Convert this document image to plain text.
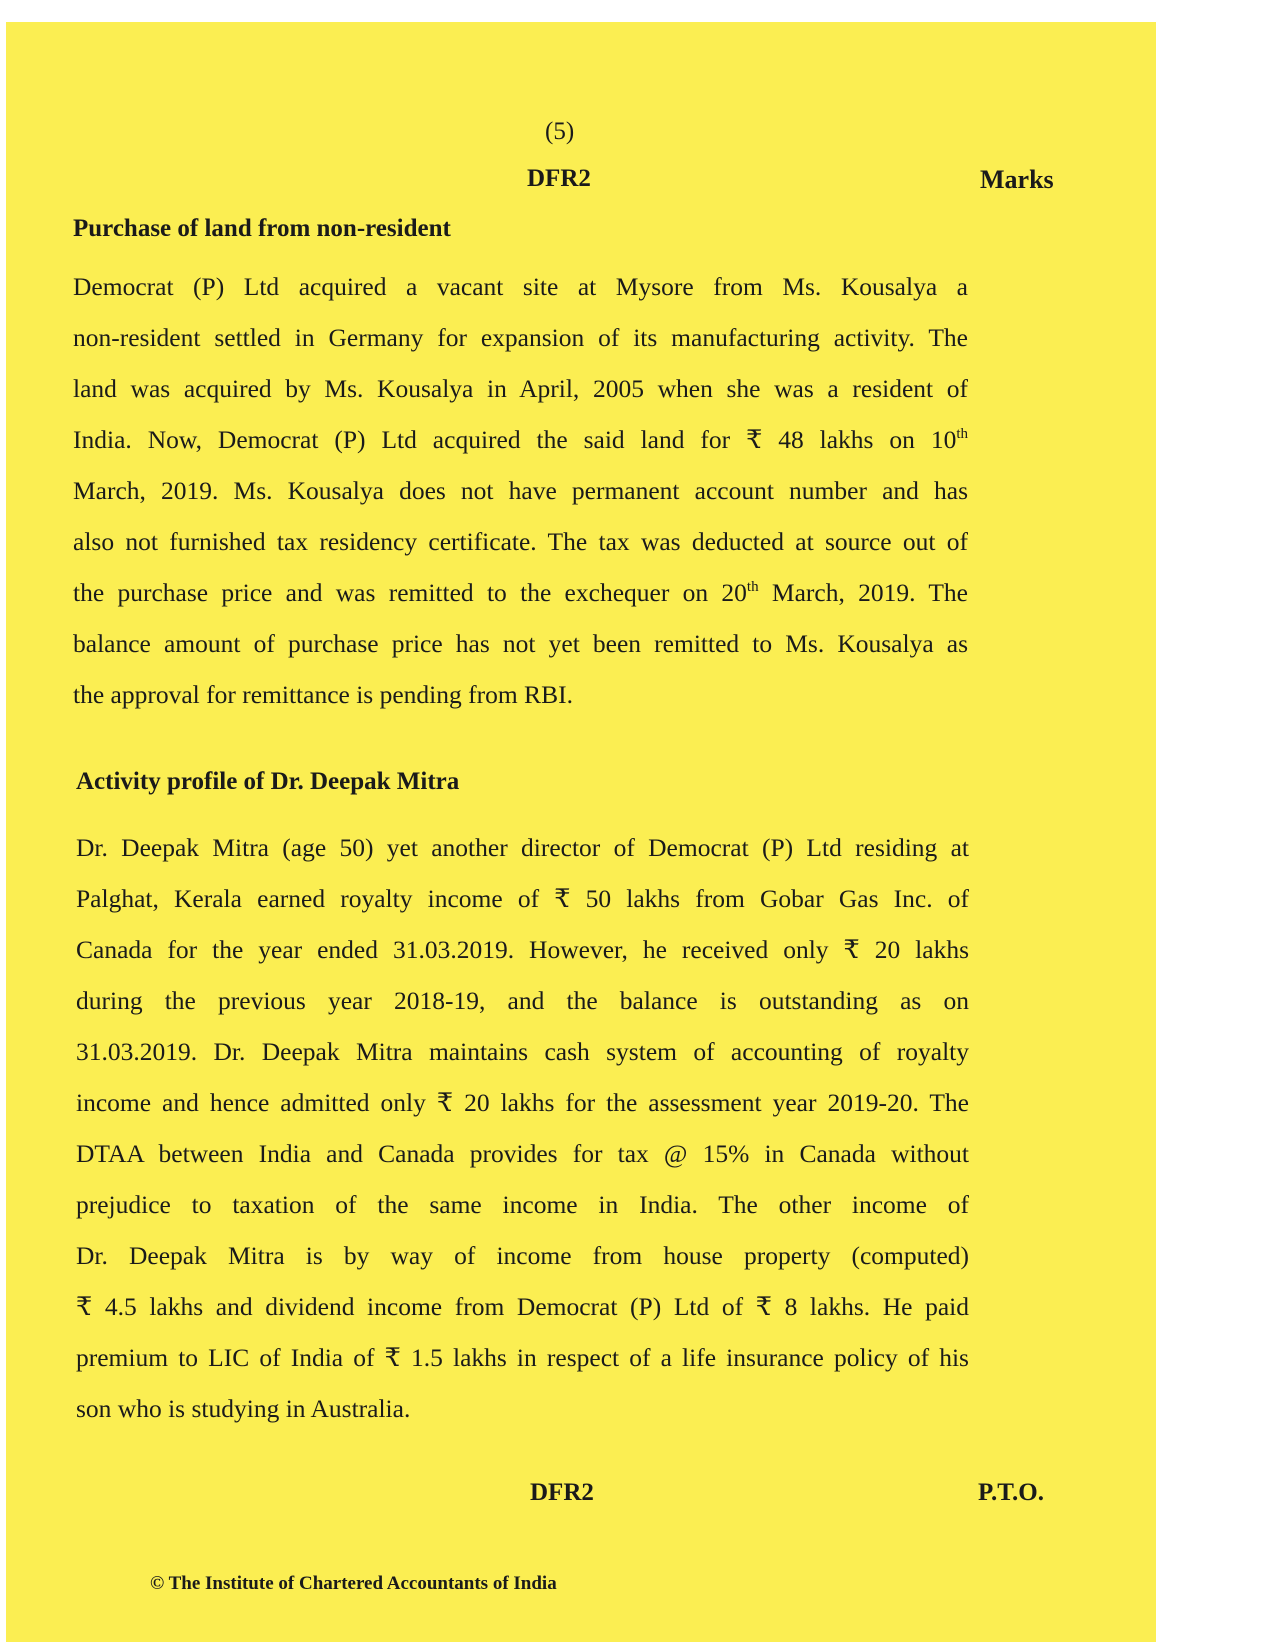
(5)
DFR2	Marks
Purchase of land from non-resident
Democrat (P) Ltd acquired a vacant site at Mysore from Ms. Kousalya a
non-resident settled in Germany for expansion of its manufacturing activity. The
land was acquired by Ms. Kousalya in April, 2005 when she was a resident of
India. Now, Democrat (P) Ltd acquired the said land for ₹ 48 lakhs on 10th
March, 2019. Ms. Kousalya does not have permanent account number and has
also not furnished tax residency certificate. The tax was deducted at source out of
the purchase price and was remitted to the exchequer on 20th March, 2019. The
balance amount of purchase price has not yet been remitted to Ms. Kousalya as
the approval for remittance is pending from RBI.
Activity profile of Dr. Deepak Mitra
Dr. Deepak Mitra (age 50) yet another director of Democrat (P) Ltd residing at
Palghat, Kerala earned royalty income of ₹ 50 lakhs from Gobar Gas Inc. of
Canada for the year ended 31.03.2019. However, he received only ₹ 20 lakhs
during the previous year 2018-19, and the balance is outstanding as on
31.03.2019. Dr. Deepak Mitra maintains cash system of accounting of royalty
income and hence admitted only ₹ 20 lakhs for the assessment year 2019-20. The
DTAA between India and Canada provides for tax @ 15% in Canada without
prejudice to taxation of the same income in India. The other income of
Dr. Deepak Mitra is by way of income from house property (computed)
₹ 4.5 lakhs and dividend income from Democrat (P) Ltd of ₹ 8 lakhs. He paid
premium to LIC of India of ₹ 1.5 lakhs in respect of a life insurance policy of his
son who is studying in Australia.
DFR2	P.T.O.
© The Institute of Chartered Accountants of India
